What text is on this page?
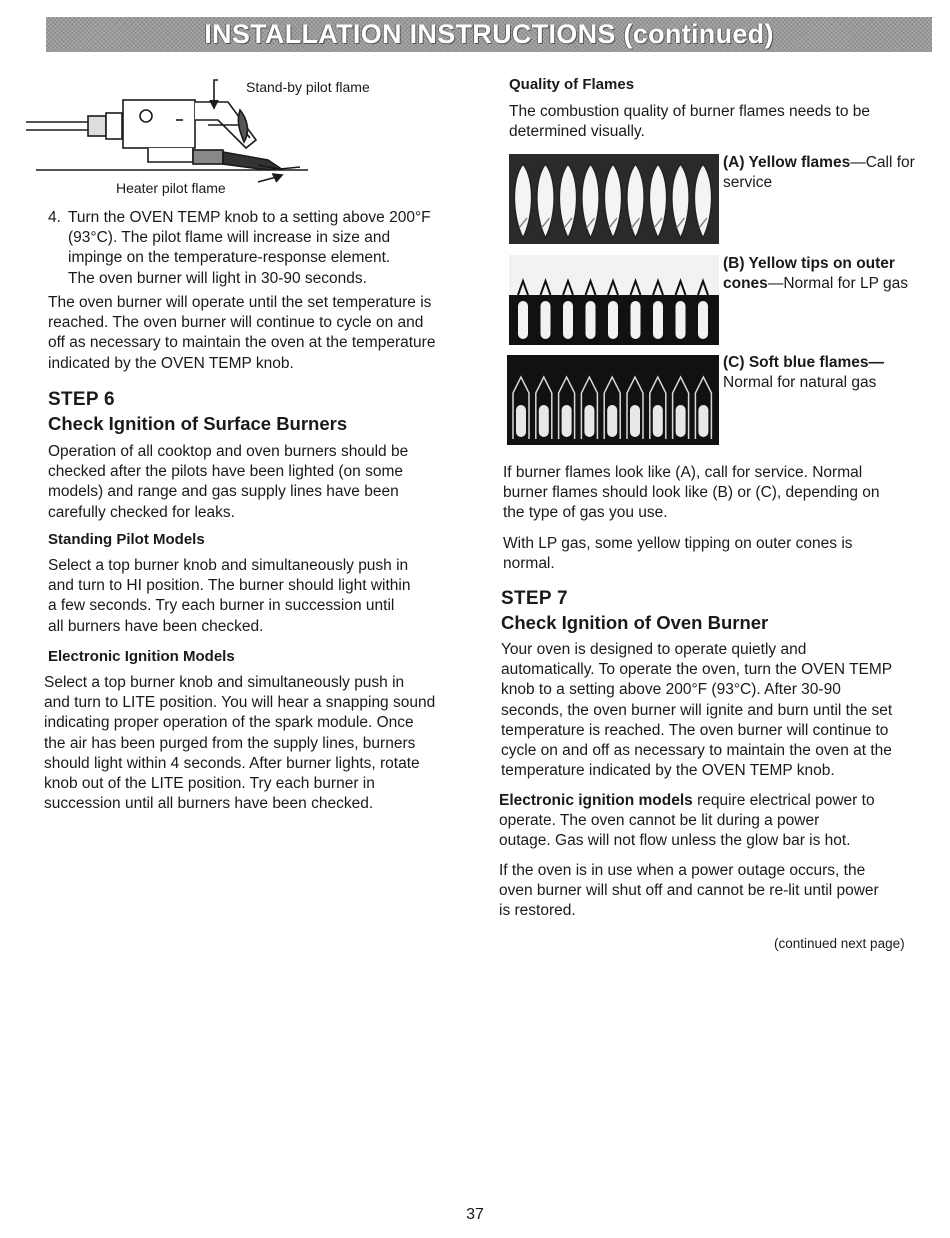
INSTALLATION INSTRUCTIONS (continued)
Stand-by pilot flame
Heater pilot flame
4. Turn the OVEN TEMP knob to a setting above 200°F
(93°C). The pilot flame will increase in size and
impinge on the temperature-response element.
The oven burner will light in 30-90 seconds.
The oven burner will operate until the set temperature is
reached. The oven burner will continue to cycle on and
off as necessary to maintain the oven at the temperature
indicated by the OVEN TEMP knob.
STEP 6
Check Ignition of Surface Burners
Operation of all cooktop and oven burners should be
checked after the pilots have been lighted (on some
models) and range and gas supply lines have been
carefully checked for leaks.
Standing Pilot Models
Select a top burner knob and simultaneously push in
and turn to HI position. The burner should light within
a few seconds. Try each burner in succession until
all burners have been checked.
Electronic Ignition Models
Select a top burner knob and simultaneously push in
and turn to LITE position. You will hear a snapping sound
indicating proper operation of the spark module. Once
the air has been purged from the supply lines, burners
should light within 4 seconds. After burner lights, rotate
knob out of the LITE position. Try each burner in
succession until all burners have been checked.
Quality of Flames
The combustion quality of burner flames needs to be
determined visually.
(A) Yellow flames—Call for
service
(B) Yellow tips on outer
cones—Normal for LP gas
(C) Soft blue flames—
Normal for natural gas
If burner flames look like (A), call for service. Normal
burner flames should look like (B) or (C), depending on
the type of gas you use.
With LP gas, some yellow tipping on outer cones is
normal.
STEP 7
Check Ignition of Oven Burner
Your oven is designed to operate quietly and
automatically. To operate the oven, turn the OVEN TEMP
knob to a setting above 200°F (93°C). After 30-90
seconds, the oven burner will ignite and burn until the set
temperature is reached. The oven burner will continue to
cycle on and off as necessary to maintain the oven at the
temperature indicated by the OVEN TEMP knob.
Electronic ignition models require electrical power to
operate. The oven cannot be lit during a power
outage. Gas will not flow unless the glow bar is hot.
If the oven is in use when a power outage occurs, the
oven burner will shut off and cannot be re-lit until power
is restored.
(continued next page)
37
